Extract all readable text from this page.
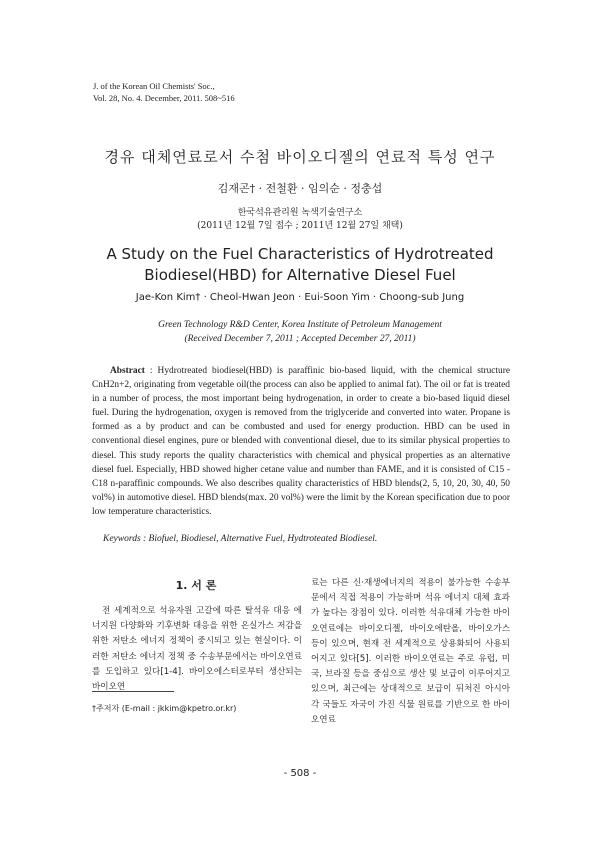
J. of the Korean Oil Chemists' Soc.,
Vol. 28, No. 4. December, 2011. 508~516
경유 대체연료로서 수첨 바이오디젤의 연료적 특성 연구
김재곤† · 전철환 · 임의순 · 정충섭
한국석유관리원 녹색기술연구소
(2011년 12월 7일 접수 ; 2011년 12월 27일 채택)
A Study on the Fuel Characteristics of Hydrotreated
Biodiesel(HBD) for Alternative Diesel Fuel
Jae-Kon Kim† · Cheol-Hwan Jeon · Eui-Soon Yim · Choong-sub Jung
Green Technology R&D Center, Korea Institute of Petroleum Management
(Received December 7, 2011 ; Accepted December 27, 2011)
Abstract : Hydrotreated biodiesel(HBD) is paraffinic bio-based liquid, with the chemical structure CnH2n+2, originating from vegetable oil(the process can also be applied to animal fat). The oil or fat is treated in a number of process, the most important being hydrogenation, in order to create a bio-based liquid diesel fuel. During the hydrogenation, oxygen is removed from the triglyceride and converted into water. Propane is formed as a by product and can be combusted and used for energy production. HBD can be used in conventional diesel engines, pure or blended with conventional diesel, due to its similar physical properties to diesel. This study reports the quality characteristics with chemical and physical properties as an alternative diesel fuel. Especially, HBD showed higher cetane value and number than FAME, and it is consisted of C15 - C18 n-paraffinic compounds. We also describes quality characteristics of HBD blends(2, 5, 10, 20, 30, 40, 50 vol%) in automotive diesel. HBD blends(max. 20 vol%) were the limit by the Korean specification due to poor low temperature characteristics.
Keywords : Biofuel, Biodiesel, Alternative Fuel, Hydtroteated Biodiesel.
1. 서 론
전 세계적으로 석유자원 고갈에 따른 탈석유 대응 에너지원 다양화와 기후변화 대응을 위한 온실가스 저감을 위한 저탄소 에너지 정책이 중시되고 있는 현실이다. 이러한 저탄소 에너지 정책 중 수송부문에서는 바이오연료를 도입하고 있다[1-4]. 바이오에스터로부터 생산되는 바이오연
료는 다른 신·재생에너지의 적용이 불가능한 수송부문에서 직접 적용이 가능하며 석유 에너지 대체 효과가 높다는 장점이 있다. 이러한 석유대체 가능한 바이오연료에는 바이오디젤, 바이오에탄올, 바이오가스 등이 있으며, 현재 전 세계적으로 상용화되어 사용되어지고 있다[5]. 이러한 바이오연료는 주로 유럽, 미국, 브라질 등을 중심으로 생산 및 보급이 이루어지고 있으며, 최근에는 상대적으로 보급이 뒤처진 아시아 각 국들도 자국이 가진 식물 원료를 기반으로 한 바이오연료
†주저자 (E-mail : jkkim@kpetro.or.kr)
- 508 -
